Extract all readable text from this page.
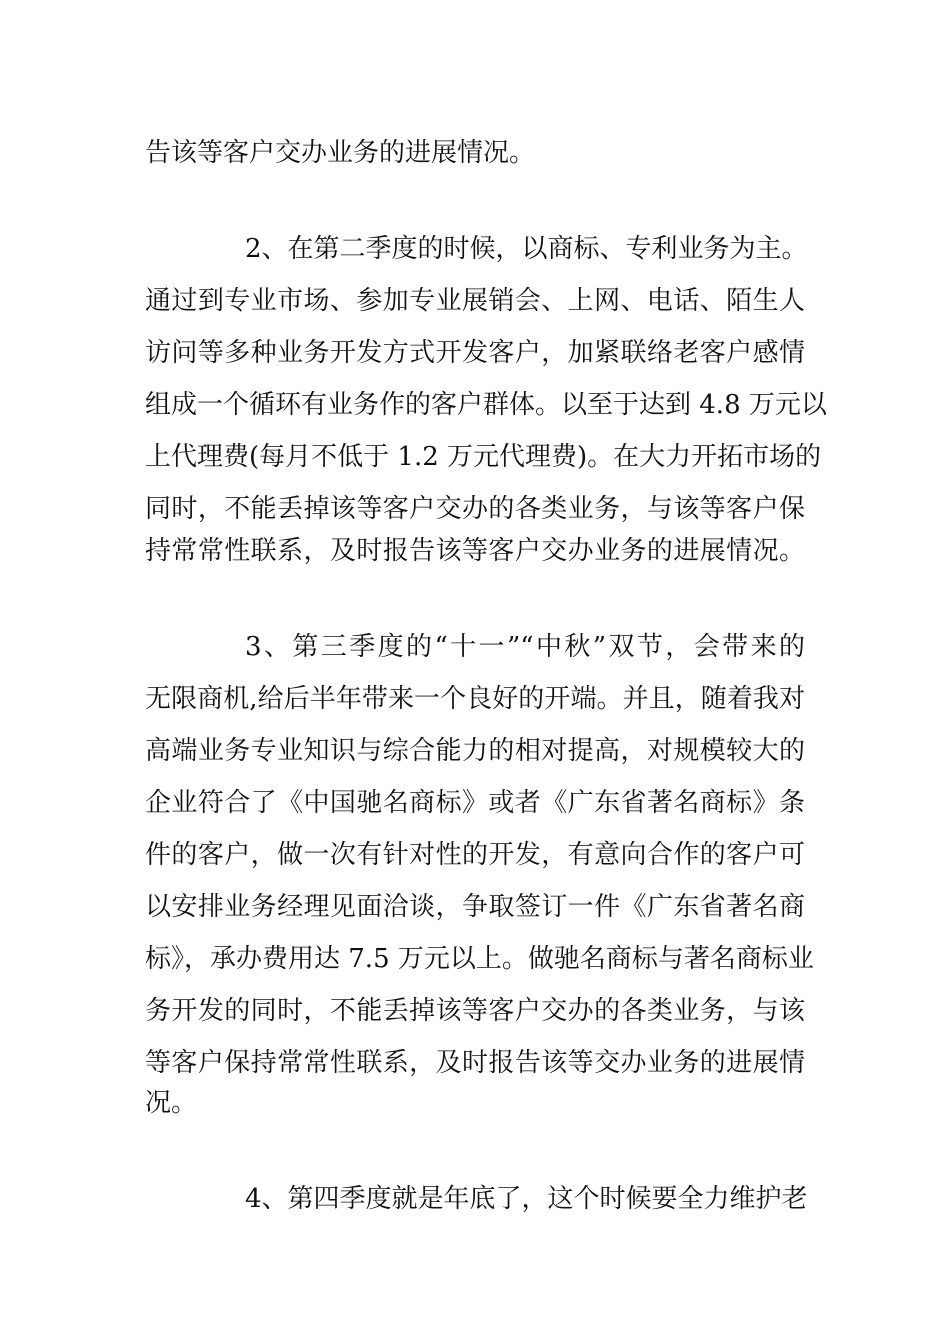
告该等客户交办业务的进展情况。
2、在第二季度的时候，以商标、专利业务为主。
通过到专业市场、参加专业展销会、上网、电话、陌生人
访问等多种业务开发方式开发客户，加紧联络老客户感情
组成一个循环有业务作的客户群体。以至于达到 4.8 万元以
上代理费(每月不低于 1.2 万元代理费)。在大力开拓市场的
同时，不能丢掉该等客户交办的各类业务，与该等客户保
持常常性联系，及时报告该等客户交办业务的进展情况。
3、第三季度的“十一”“中秋”双节，会带来的
无限商机,给后半年带来一个良好的开端。并且，随着我对
高端业务专业知识与综合能力的相对提高，对规模较大的
企业符合了《中国驰名商标》或者《广东省著名商标》条
件的客户，做一次有针对性的开发，有意向合作的客户可
以安排业务经理见面洽谈，争取签订一件《广东省著名商
标》，承办费用达 7.5 万元以上。做驰名商标与著名商标业
务开发的同时，不能丢掉该等客户交办的各类业务，与该
等客户保持常常性联系，及时报告该等交办业务的进展情
况。
4、第四季度就是年底了，这个时候要全力维护老
